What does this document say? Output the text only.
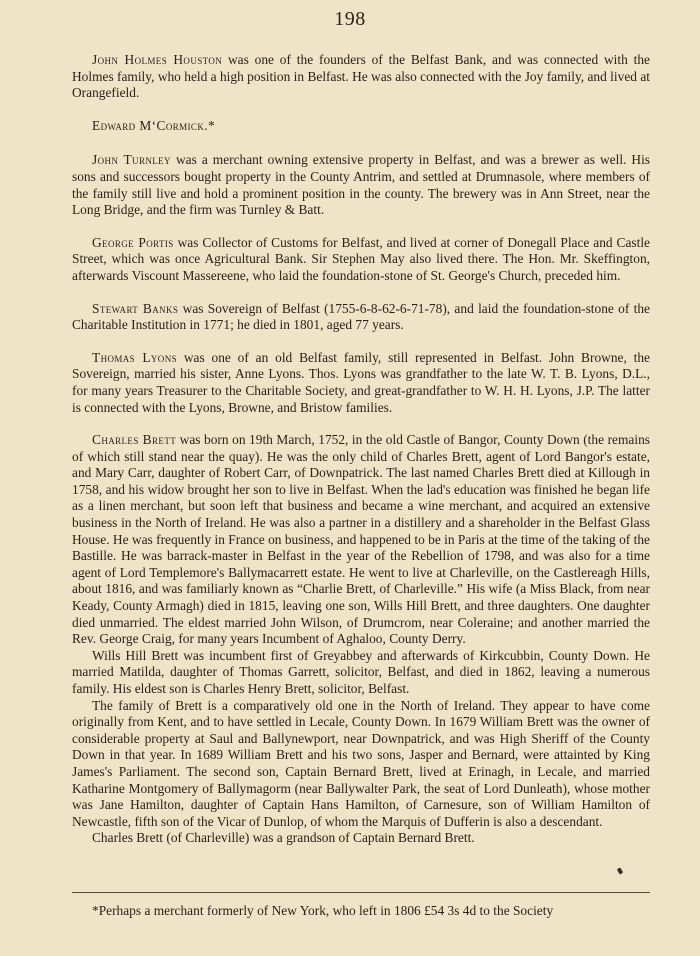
198

John Holmes Houston was one of the founders of the Belfast Bank, and was connected with the Holmes family, who held a high position in Belfast. He was also connected with the Joy family, and lived at Orangefield.

Edward M‘Cormick.*

John Turnley was a merchant owning extensive property in Belfast, and was a brewer as well. His sons and successors bought property in the County Antrim, and settled at Drumnasole, where members of the family still live and hold a prominent position in the county. The brewery was in Ann Street, near the Long Bridge, and the firm was Turnley & Batt.

George Portis was Collector of Customs for Belfast, and lived at corner of Donegall Place and Castle Street, which was once Agricultural Bank. Sir Stephen May also lived there. The Hon. Mr. Skeffington, afterwards Viscount Massereene, who laid the foundation-stone of St. George's Church, preceded him.

Stewart Banks was Sovereign of Belfast (1755-6-8-62-6-71-78), and laid the foundation-stone of the Charitable Institution in 1771; he died in 1801, aged 77 years.

Thomas Lyons was one of an old Belfast family, still represented in Belfast. John Browne, the Sovereign, married his sister, Anne Lyons. Thos. Lyons was grandfather to the late W. T. B. Lyons, D.L., for many years Treasurer to the Charitable Society, and great-grandfather to W. H. H. Lyons, J.P. The latter is connected with the Lyons, Browne, and Bristow families.

Charles Brett was born on 19th March, 1752, in the old Castle of Bangor, County Down (the remains of which still stand near the quay). He was the only child of Charles Brett, agent of Lord Bangor's estate, and Mary Carr, daughter of Robert Carr, of Downpatrick. The last named Charles Brett died at Killough in 1758, and his widow brought her son to live in Belfast. When the lad's education was finished he began life as a linen merchant, but soon left that business and became a wine merchant, and acquired an extensive business in the North of Ireland. He was also a partner in a distillery and a shareholder in the Belfast Glass House. He was frequently in France on business, and happened to be in Paris at the time of the taking of the Bastille. He was barrack-master in Belfast in the year of the Rebellion of 1798, and was also for a time agent of Lord Templemore's Ballymacarrett estate. He went to live at Charleville, on the Castlereagh Hills, about 1816, and was familiarly known as “Charlie Brett, of Charleville.” His wife (a Miss Black, from near Keady, County Armagh) died in 1815, leaving one son, Wills Hill Brett, and three daughters. One daughter died unmarried. The eldest married John Wilson, of Drumcrom, near Coleraine; and another married the Rev. George Craig, for many years Incumbent of Aghaloo, County Derry.

Wills Hill Brett was incumbent first of Greyabbey and afterwards of Kirkcubbin, County Down. He married Matilda, daughter of Thomas Garrett, solicitor, Belfast, and died in 1862, leaving a numerous family. His eldest son is Charles Henry Brett, solicitor, Belfast.

The family of Brett is a comparatively old one in the North of Ireland. They appear to have come originally from Kent, and to have settled in Lecale, County Down. In 1679 William Brett was the owner of considerable property at Saul and Ballynewport, near Downpatrick, and was High Sheriff of the County Down in that year. In 1689 William Brett and his two sons, Jasper and Bernard, were attainted by King James's Parliament. The second son, Captain Bernard Brett, lived at Erinagh, in Lecale, and married Katharine Montgomery of Ballymagorm (near Ballywalter Park, the seat of Lord Dunleath), whose mother was Jane Hamilton, daughter of Captain Hans Hamilton, of Carnesure, son of William Hamilton of Newcastle, fifth son of the Vicar of Dunlop, of whom the Marquis of Dufferin is also a descendant.

Charles Brett (of Charleville) was a grandson of Captain Bernard Brett.

*Perhaps a merchant formerly of New York, who left in 1806 £54 3s 4d to the Society
